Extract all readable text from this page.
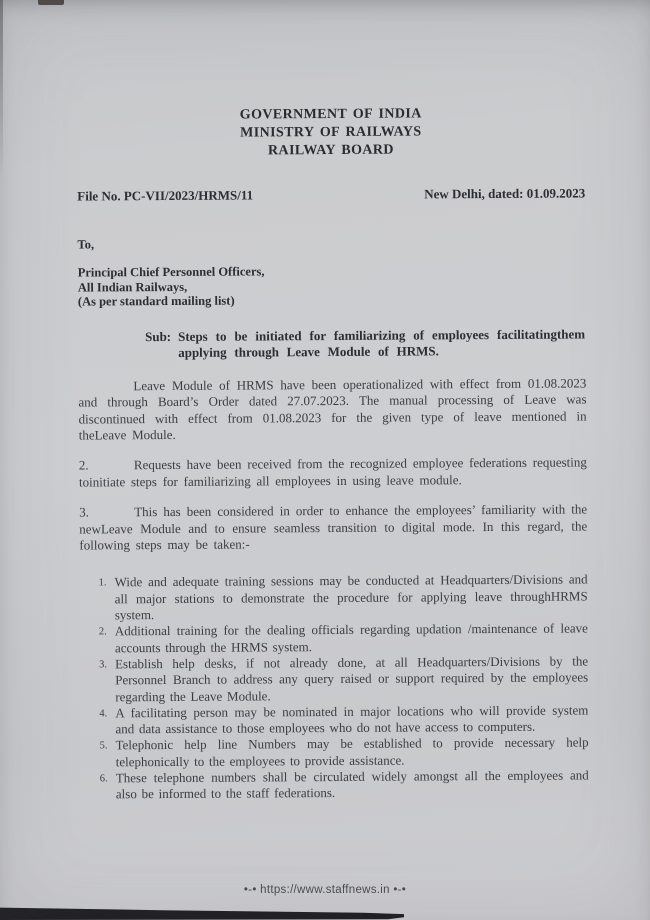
GOVERNMENT OF INDIA
MINISTRY OF RAILWAYS
RAILWAY BOARD
File No. PC-VII/2023/HRMS/11	New Delhi, dated: 01.09.2023
To,
Principal Chief Personnel Officers,
All Indian Railways,
(As per standard mailing list)
Sub: Steps to be initiated for familiarizing of employees facilitatingthem applying through Leave Module of HRMS.

Leave Module of HRMS have been operationalized with effect from 01.08.2023 and through Board’s Order dated 27.07.2023. The manual processing of Leave was discontinued with effect from 01.08.2023 for the given type of leave mentioned in theLeave Module.

2.	Requests have been received from the recognized employee federations requesting toinitiate steps for familiarizing all employees in using leave module.

3.	This has been considered in order to enhance the employees’ familiarity with the newLeave Module and to ensure seamless transition to digital mode. In this regard, the following steps may be taken:-

1. Wide and adequate training sessions may be conducted at Headquarters/Divisions and all major stations to demonstrate the procedure for applying leave throughHRMS system.
2. Additional training for the dealing officials regarding updation /maintenance of leave accounts through the HRMS system.
3. Establish help desks, if not already done, at all Headquarters/Divisions by the Personnel Branch to address any query raised or support required by the employees regarding the Leave Module.
4. A facilitating person may be nominated in major locations who will provide system and data assistance to those employees who do not have access to computers.
5. Telephonic help line Numbers may be established to provide necessary help telephonically to the employees to provide assistance.
6. These telephone numbers shall be circulated widely amongst all the employees and also be informed to the staff federations.
•-• https://www.staffnews.in •-•
